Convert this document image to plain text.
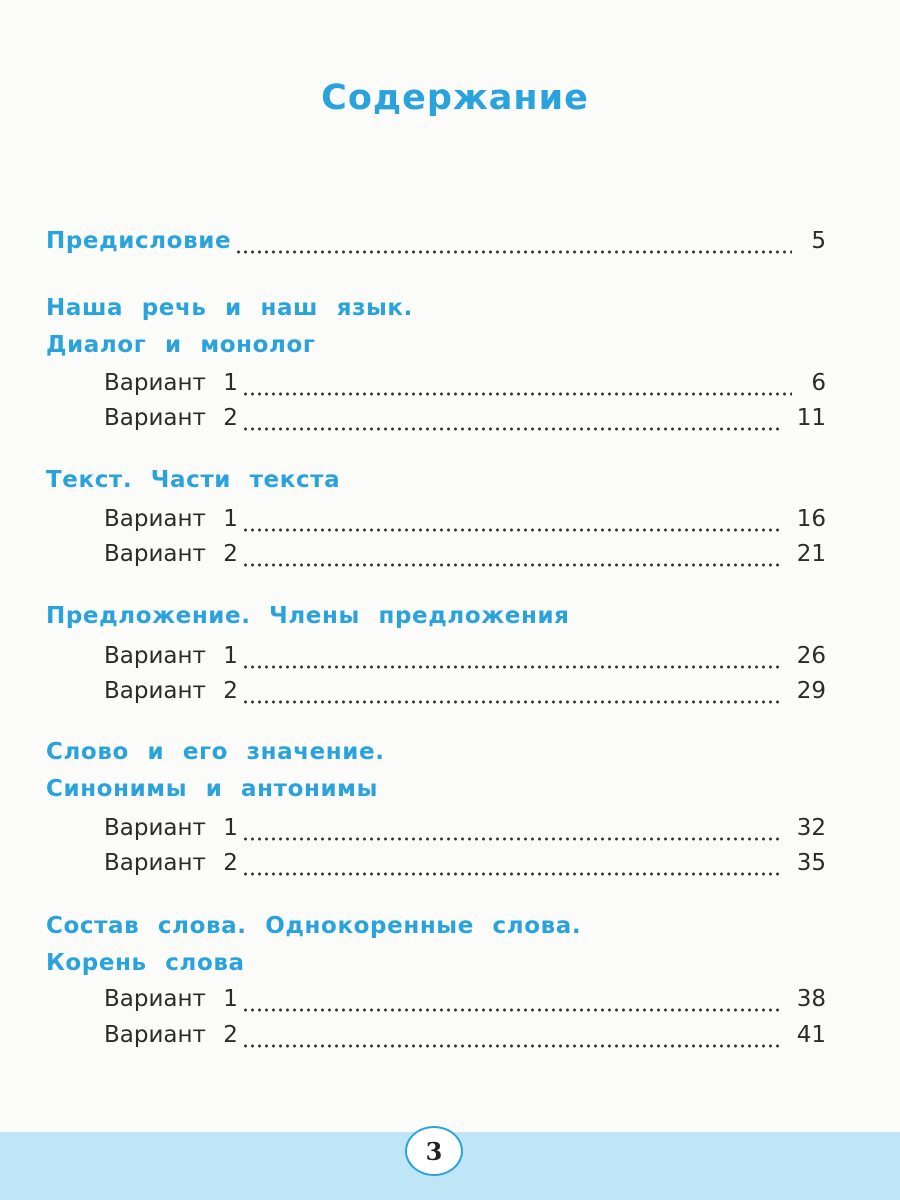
Содержание
Предисловие	5
Наша речь и наш язык.
Диалог и монолог
Вариант 1	6
Вариант 2	11
Текст. Части текста
Вариант 1	16
Вариант 2	21
Предложение. Члены предложения
Вариант 1	26
Вариант 2	29
Слово и его значение.
Синонимы и антонимы
Вариант 1	32
Вариант 2	35
Состав слова. Однокоренные слова.
Корень слова
Вариант 1	38
Вариант 2	41
3
